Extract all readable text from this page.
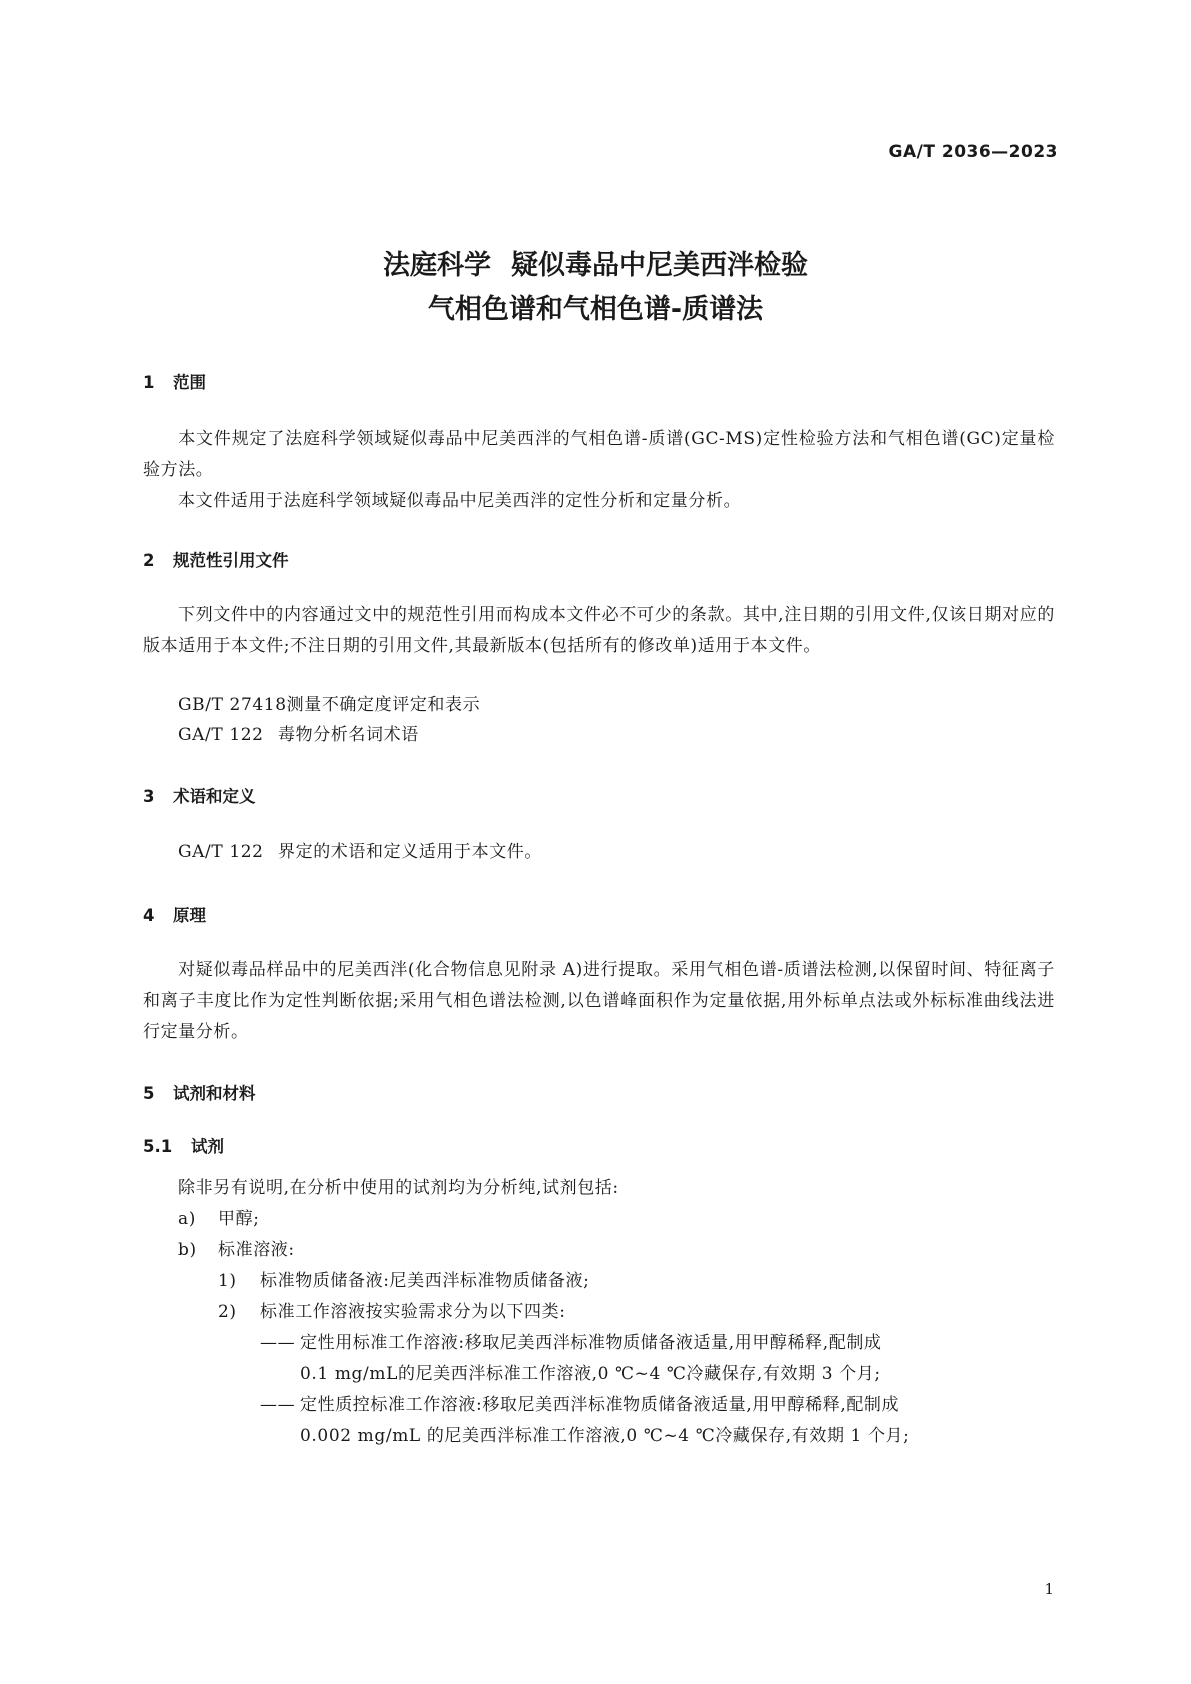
GA/T 2036—2023
法庭科学 疑似毒品中尼美西泮检验
气相色谱和气相色谱-质谱法
1 范围
本文件规定了法庭科学领域疑似毒品中尼美西泮的气相色谱-质谱(GC-MS)定性检验方法和气相色谱(GC)定量检验方法。
本文件适用于法庭科学领域疑似毒品中尼美西泮的定性分析和定量分析。
2 规范性引用文件
下列文件中的内容通过文中的规范性引用而构成本文件必不可少的条款。其中,注日期的引用文件,仅该日期对应的版本适用于本文件;不注日期的引用文件,其最新版本(包括所有的修改单)适用于本文件。
GB/T 27418测量不确定度评定和表示
GA/T 122 毒物分析名词术语
3 术语和定义
GA/T 122 界定的术语和定义适用于本文件。
4 原理
对疑似毒品样品中的尼美西泮(化合物信息见附录 A)进行提取。采用气相色谱-质谱法检测,以保留时间、特征离子和离子丰度比作为定性判断依据;采用气相色谱法检测,以色谱峰面积作为定量依据,用外标单点法或外标标准曲线法进行定量分析。
5 试剂和材料
5.1 试剂
除非另有说明,在分析中使用的试剂均为分析纯,试剂包括:
a) 甲醇;
b) 标准溶液:
1) 标准物质储备液:尼美西泮标准物质储备液;
2) 标准工作溶液按实验需求分为以下四类:
—— 定性用标准工作溶液:移取尼美西泮标准物质储备液适量,用甲醇稀释,配制成
0.1 mg/mL的尼美西泮标准工作溶液,0 ℃~4 ℃冷藏保存,有效期 3 个月;
—— 定性质控标准工作溶液:移取尼美西泮标准物质储备液适量,用甲醇稀释,配制成
0.002 mg/mL 的尼美西泮标准工作溶液,0 ℃~4 ℃冷藏保存,有效期 1 个月;
1
